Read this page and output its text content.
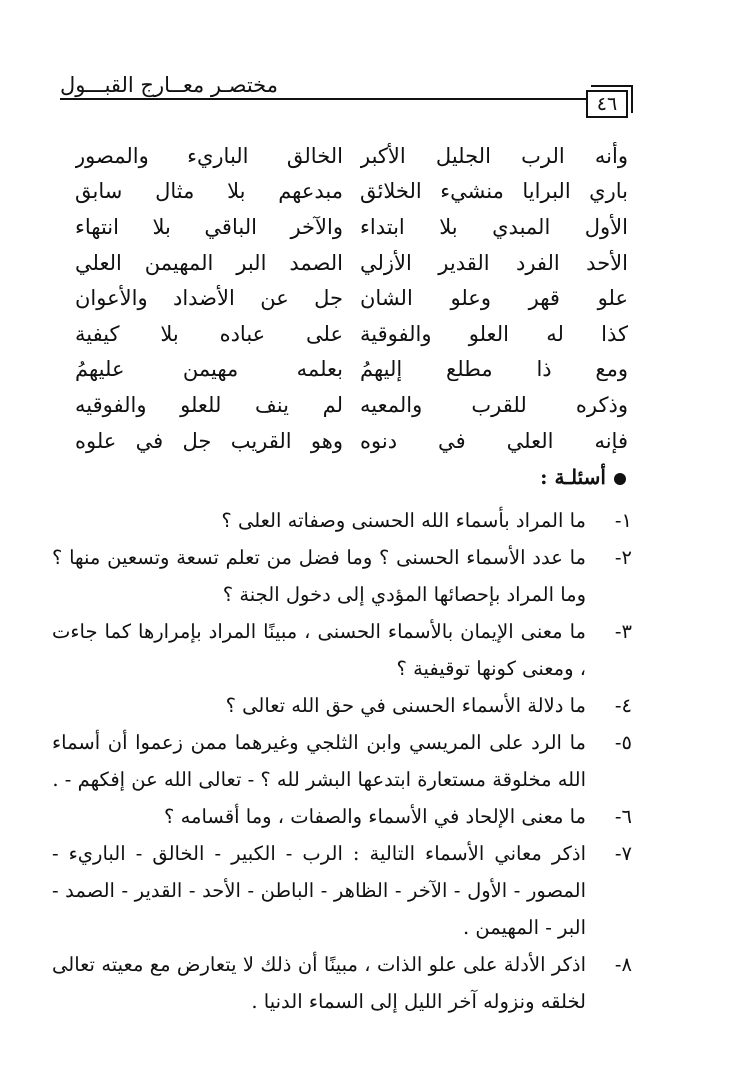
مختصـر معــارج القبـــول
٤٦
وأنه الرب الجليل الأكبر
الخالق الباريء والمصور
باري البرايا منشيء الخلائق
مبدعهم بلا مثال سابق
الأول المبدي بلا ابتداء
والآخر الباقي بلا انتهاء
الأحد الفرد القدير الأزلي
الصمد البر المهيمن العلي
علو قهر وعلو الشان
جل عن الأضداد والأعوان
كذا له العلو والفوقية
على عباده بلا كيفية
ومع ذا مطلع إليهمُ
بعلمه مهيمن عليهمُ
وذكره للقرب والمعيه
لم ينف للعلو والفوقيه
فإنه العلي في دنوه
وهو القريب جل في علوه
أسئلـة :
١-
ما المراد بأسماء الله الحسنى وصفاته العلى ؟
٢-
ما عدد الأسماء الحسنى ؟ وما فضل من تعلم تسعة وتسعين منها ؟ وما المراد بإحصائها المؤدي إلى دخول الجنة ؟
٣-
ما معنى الإيمان بالأسماء الحسنى ، مبينًا المراد بإمرارها كما جاءت ، ومعنى كونها توقيفية ؟
٤-
ما دلالة الأسماء الحسنى في حق الله تعالى ؟
٥-
ما الرد على المريسي وابن الثلجي وغيرهما ممن زعموا أن أسماء الله مخلوقة مستعارة ابتدعها البشر لله ؟ - تعالى الله عن إفكهم - .
٦-
ما معنى الإلحاد في الأسماء والصفات ، وما أقسامه ؟
٧-
اذكر معاني الأسماء التالية : الرب - الكبير - الخالق - الباريء - المصور - الأول - الآخر - الظاهر - الباطن - الأحد - القدير - الصمد - البر - المهيمن .
٨-
اذكر الأدلة على علو الذات ، مبينًا أن ذلك لا يتعارض مع معيته تعالى لخلقه ونزوله آخر الليل إلى السماء الدنيا .
